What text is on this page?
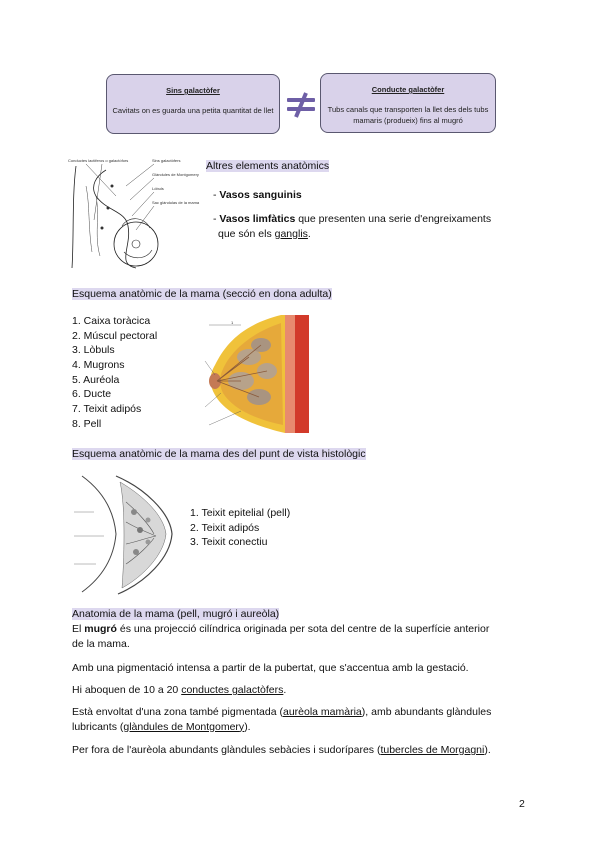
Sins galactòfer
Cavitats on es guarda una petita quantitat de llet
Conducte galactòfer
Tubs canals que transporten la llet des dels tubs mamaris (produeix) fins al mugró
Conductes lactiferos o galactòfors	Sins galactòfers
Glàndules de Montgomery
Lòbuls
Sac glàndulas de la mama
Altres elements anatòmics
- Vasos sanguinis
- Vasos limfàtics que presenten una serie d'engreixaments
que són els ganglis.
Esquema anatòmic de la mama (secció en dona adulta)
1. Caixa toràcica
2. Múscul pectoral
3. Lòbuls
4. Mugrons
5. Auréola
6. Ducte
7. Teixit adipós
8. Pell
1
Esquema anatòmic de la mama des del punt de vista histològic
1. Teixit epitelial (pell)
2. Teixit adipós
3. Teixit conectiu
Anatomia de la mama (pell, mugró i aureòla)
El mugró és una projecció cilíndrica originada per sota del centre de la superfície anterior
de la mama.
Amb una pigmentació intensa a partir de la pubertat, que s'accentua amb la gestació.
Hi aboquen de 10 a 20 conductes galactòfers.
Està envoltat d'una zona també pigmentada (aurèola mamària), amb abundants glàndules
lubricants (glàndules de Montgomery).
Per fora de l'aurèola abundants glàndules sebàcies i sudorípares (tubercles de Morgagni).
2
